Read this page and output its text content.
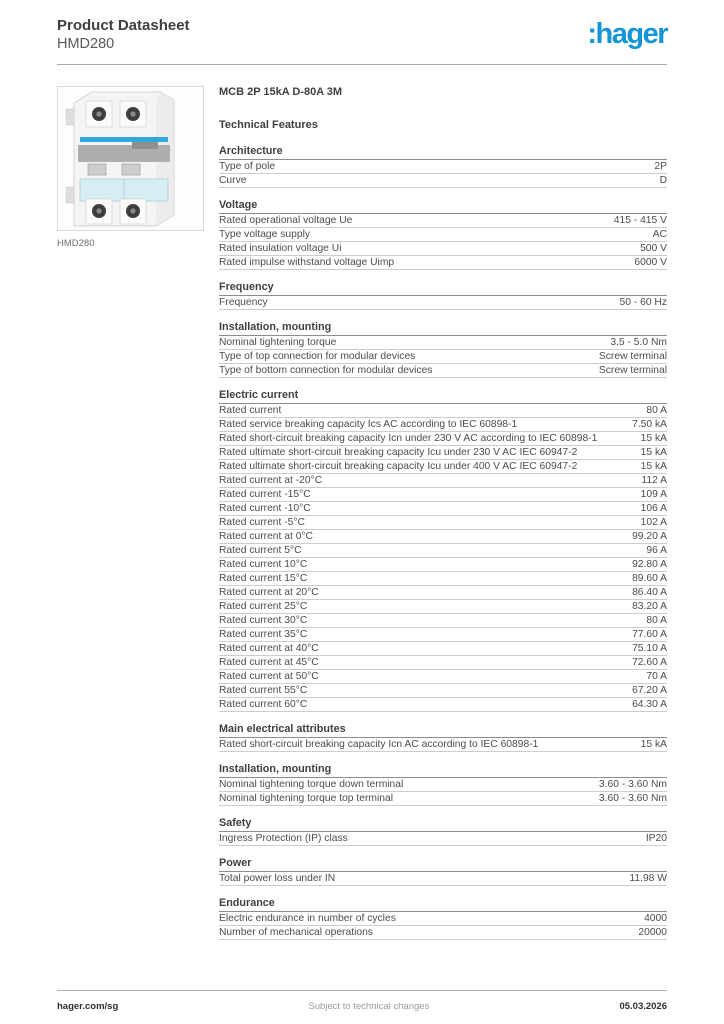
Product Datasheet
HMD280	:hager
HMD280
MCB 2P 15kA D-80A 3M
Technical Features
Architecture
Type of pole	2P
Curve	D
Voltage
Rated operational voltage Ue	415 - 415 V
Type voltage supply	AC
Rated insulation voltage Ui	500 V
Rated impulse withstand voltage Uimp	6000 V
Frequency
Frequency	50 - 60 Hz
Installation, mounting
Nominal tightening torque	3.5 - 5.0 Nm
Type of top connection for modular devices	Screw terminal
Type of bottom connection for modular devices	Screw terminal
Electric current
Rated current	80 A
Rated service breaking capacity Ics AC according to IEC 60898-1	7.50 kA
Rated short-circuit breaking capacity Icn under 230 V AC according to IEC 60898-1	15 kA
Rated ultimate short-circuit breaking capacity Icu under 230 V AC IEC 60947-2	15 kA
Rated ultimate short-circuit breaking capacity Icu under 400 V AC IEC 60947-2	15 kA
Rated current at -20°C	112 A
Rated current -15°C	109 A
Rated current -10°C	106 A
Rated current -5°C	102 A
Rated current at 0°C	99.20 A
Rated current 5°C	96 A
Rated current 10°C	92.80 A
Rated current 15°C	89.60 A
Rated current at 20°C	86.40 A
Rated current 25°C	83.20 A
Rated current 30°C	80 A
Rated current 35°C	77.60 A
Rated current at 40°C	75.10 A
Rated current at 45°C	72.60 A
Rated current at 50°C	70 A
Rated current 55°C	67.20 A
Rated current 60°C	64.30 A
Main electrical attributes
Rated short-circuit breaking capacity Icn AC according to IEC 60898-1	15 kA
Installation, mounting
Nominal tightening torque down terminal	3.60 - 3.60 Nm
Nominal tightening torque top terminal	3.60 - 3.60 Nm
Safety
Ingress Protection (IP) class	IP20
Power
Total power loss under IN	11.98 W
Endurance
Electric endurance in number of cycles	4000
Number of mechanical operations	20000
hager.com/sg	Subject to technical changes	05.03.2026
